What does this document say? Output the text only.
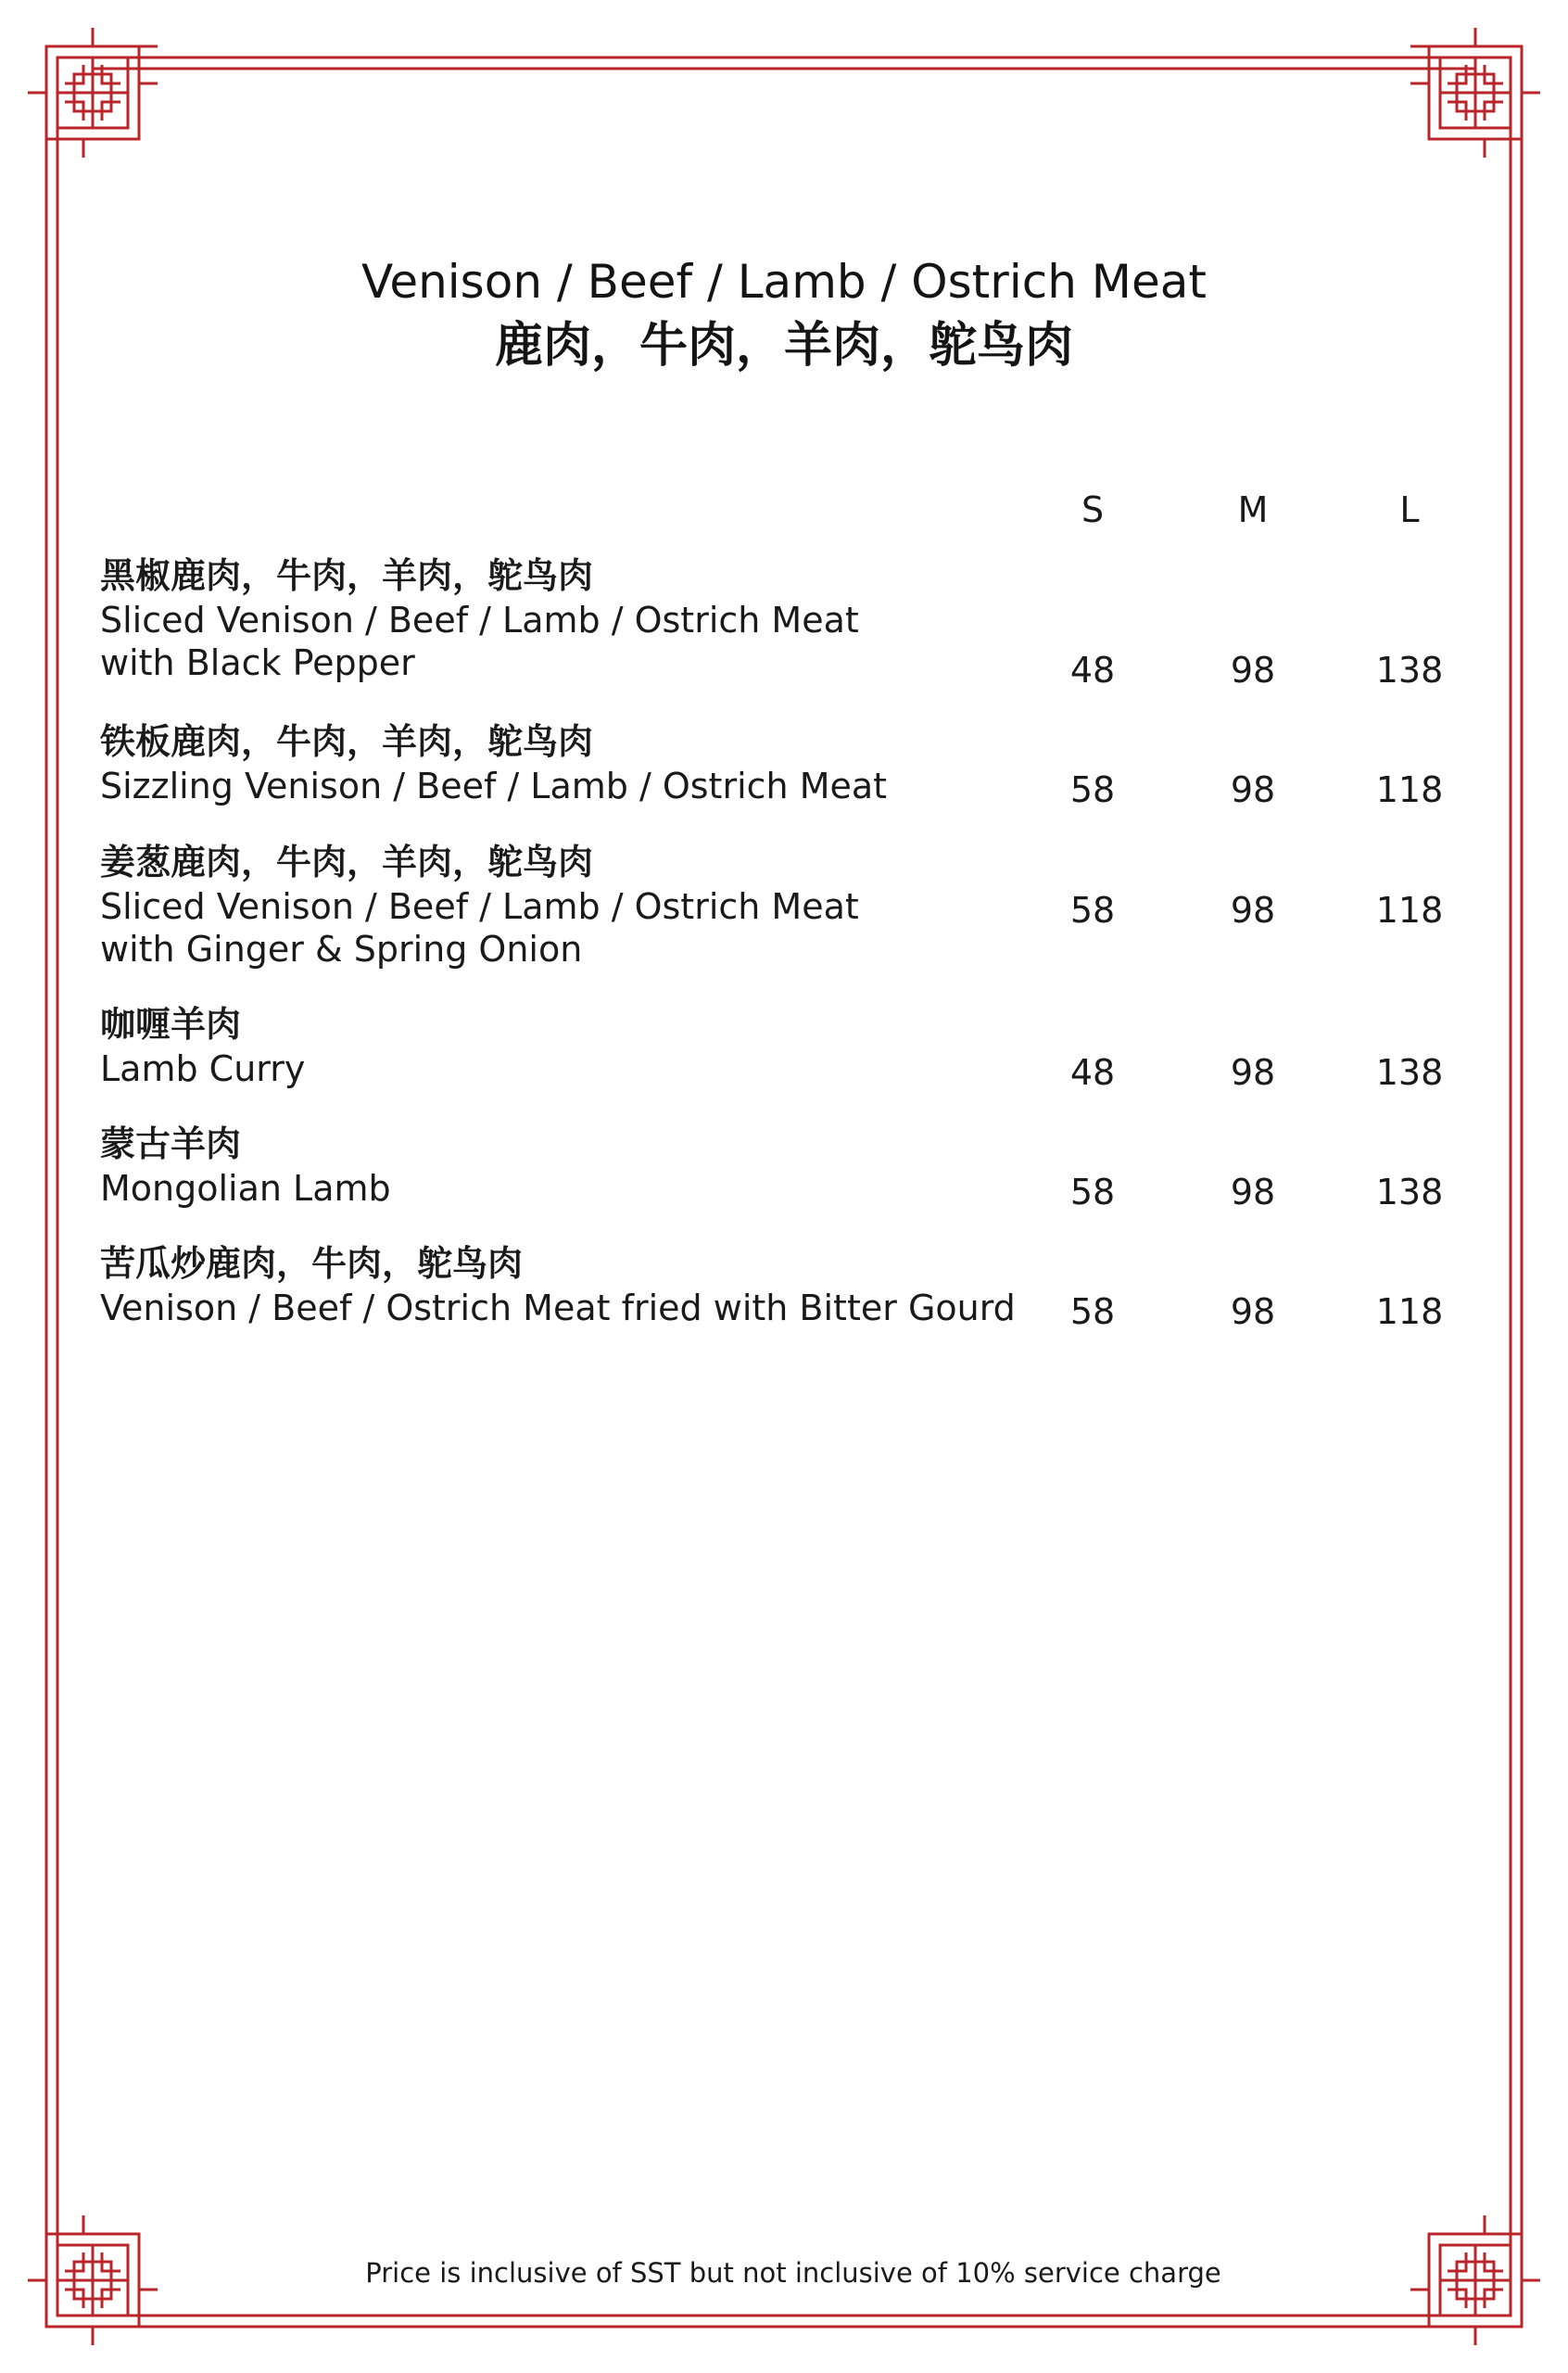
Venison / Beef / Lamb / Ostrich Meat
鹿肉，牛肉，羊肉，鸵鸟肉
S	M	L
黑椒鹿肉，牛肉，羊肉，鸵鸟肉
Sliced Venison / Beef / Lamb / Ostrich Meat
with Black Pepper	48	98	138
铁板鹿肉，牛肉，羊肉，鸵鸟肉
Sizzling Venison / Beef / Lamb / Ostrich Meat	58	98	118
姜葱鹿肉，牛肉，羊肉，鸵鸟肉
Sliced Venison / Beef / Lamb / Ostrich Meat
with Ginger & Spring Onion
58	98	118
咖喱羊肉
Lamb Curry	48	98	138
蒙古羊肉
Mongolian Lamb	58	98	138
苦瓜炒鹿肉，牛肉，鸵鸟肉
Venison / Beef / Ostrich Meat fried with Bitter Gourd	58	98	118
Price is inclusive of SST but not inclusive of 10% service charge
